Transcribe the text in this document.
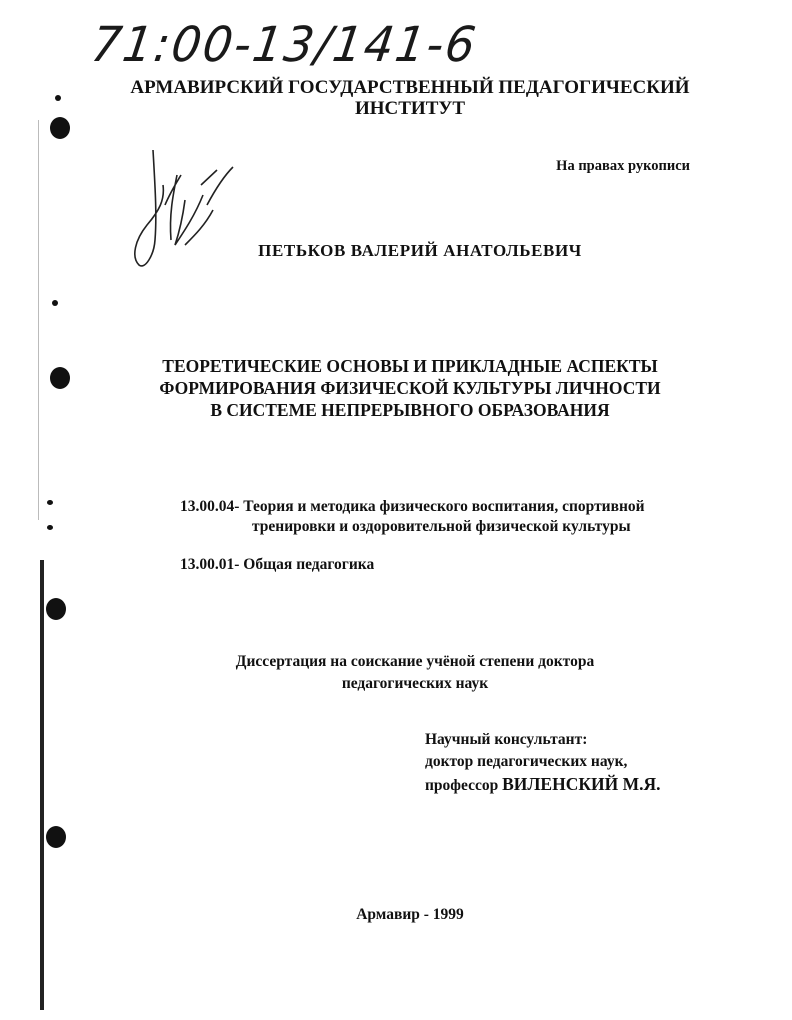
71:00-13/141-6
АРМАВИРСКИЙ ГОСУДАРСТВЕННЫЙ ПЕДАГОГИЧЕСКИЙ
ИНСТИТУТ
На правах рукописи
ПЕТЬКОВ ВАЛЕРИЙ АНАТОЛЬЕВИЧ
ТЕОРЕТИЧЕСКИЕ ОСНОВЫ И ПРИКЛАДНЫЕ АСПЕКТЫ
ФОРМИРОВАНИЯ ФИЗИЧЕСКОЙ КУЛЬТУРЫ ЛИЧНОСТИ
В СИСТЕМЕ НЕПРЕРЫВНОГО ОБРАЗОВАНИЯ
13.00.04- Теория и методика физического воспитания, спортивной
тренировки и оздоровительной физической культуры
13.00.01- Общая педагогика
Диссертация на соискание учёной степени доктора
педагогических наук
Научный консультант:
доктор педагогических наук,
профессор ВИЛЕНСКИЙ М.Я.
Армавир - 1999
